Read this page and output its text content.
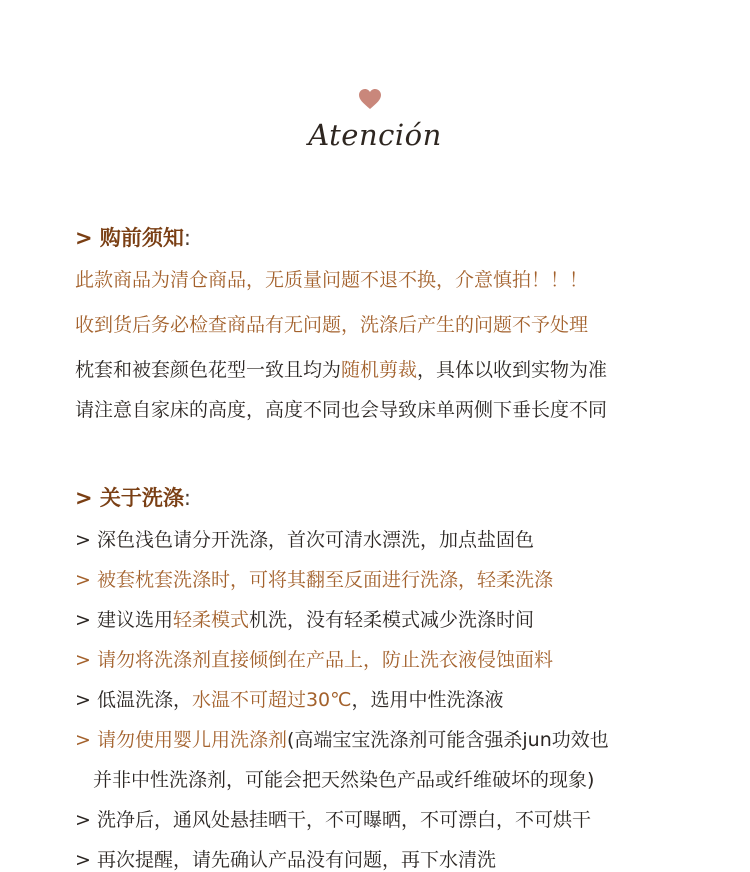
Atención
> 购前须知:
此款商品为清仓商品，无质量问题不退不换，介意慎拍！！！
收到货后务必检查商品有无问题，洗涤后产生的问题不予处理
枕套和被套颜色花型一致且均为随机剪裁，具体以收到实物为准
请注意自家床的高度，高度不同也会导致床单两侧下垂长度不同
> 关于洗涤:
> 深色浅色请分开洗涤，首次可清水漂洗，加点盐固色
> 被套枕套洗涤时，可将其翻至反面进行洗涤，轻柔洗涤
> 建议选用轻柔模式机洗，没有轻柔模式减少洗涤时间
> 请勿将洗涤剂直接倾倒在产品上，防止洗衣液侵蚀面料
> 低温洗涤，水温不可超过30℃，选用中性洗涤液
> 请勿使用婴儿用洗涤剂(高端宝宝洗涤剂可能含强杀jun功效也
并非中性洗涤剂，可能会把天然染色产品或纤维破坏的现象)
> 洗净后，通风处悬挂晒干，不可曝晒，不可漂白，不可烘干
> 再次提醒，请先确认产品没有问题，再下水清洗
